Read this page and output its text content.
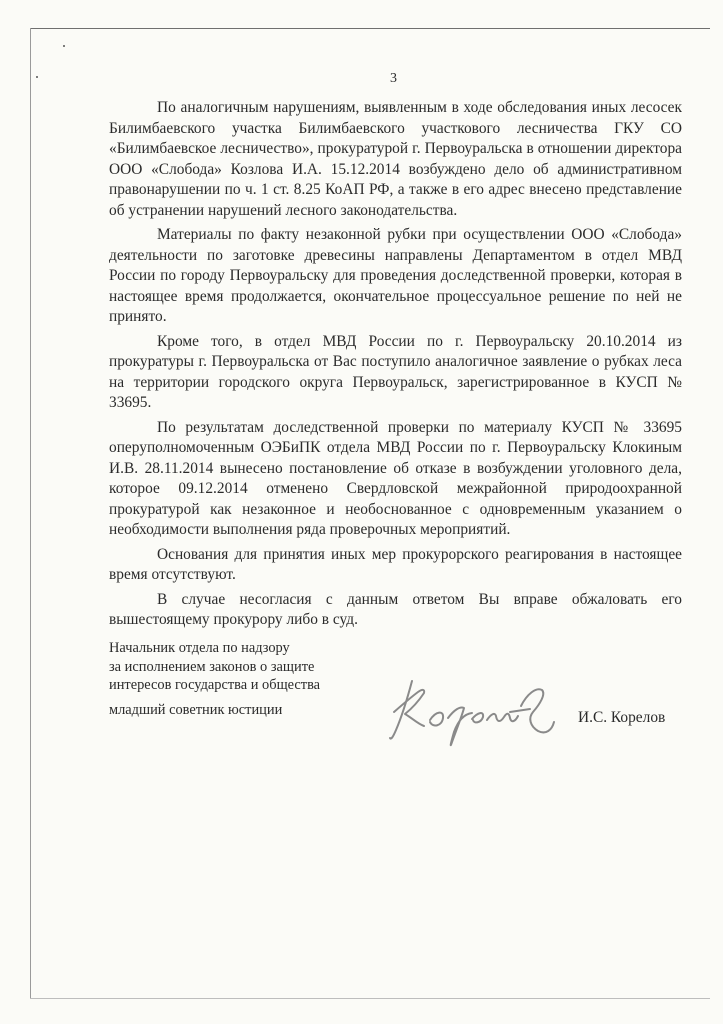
3

По аналогичным нарушениям, выявленным в ходе обследования иных лесосек Билимбаевского участка Билимбаевского участкового лесничества ГКУ СО «Билимбаевское лесничество», прокуратурой г. Первоуральска в отношении директора ООО «Слобода» Козлова И.А. 15.12.2014 возбуждено дело об административном правонарушении по ч. 1 ст. 8.25 КоАП РФ, а также в его адрес внесено представление об устранении нарушений лесного законодательства.

Материалы по факту незаконной рубки при осуществлении ООО «Слобода» деятельности по заготовке древесины направлены Департаментом в отдел МВД России по городу Первоуральску для проведения доследственной проверки, которая в настоящее время продолжается, окончательное процессуальное решение по ней не принято.

Кроме того, в отдел МВД России по г. Первоуральску 20.10.2014 из прокуратуры г. Первоуральска от Вас поступило аналогичное заявление о рубках леса на территории городского округа Первоуральск, зарегистрированное в КУСП № 33695.

По результатам доследственной проверки по материалу КУСП № 33695 оперуполномоченным ОЭБиПК отдела МВД России по г. Первоуральску Клокиным И.В. 28.11.2014 вынесено постановление об отказе в возбуждении уголовного дела, которое 09.12.2014 отменено Свердловской межрайонной природоохранной прокуратурой как незаконное и необоснованное с одновременным указанием о необходимости выполнения ряда проверочных мероприятий.

Основания для принятия иных мер прокурорского реагирования в настоящее время отсутствуют.

В случае несогласия с данным ответом Вы вправе обжаловать его вышестоящему прокурору либо в суд.

Начальник отдела по надзору
за исполнением законов о защите
интересов государства и общества
младший советник юстиции	И.С. Корелов
